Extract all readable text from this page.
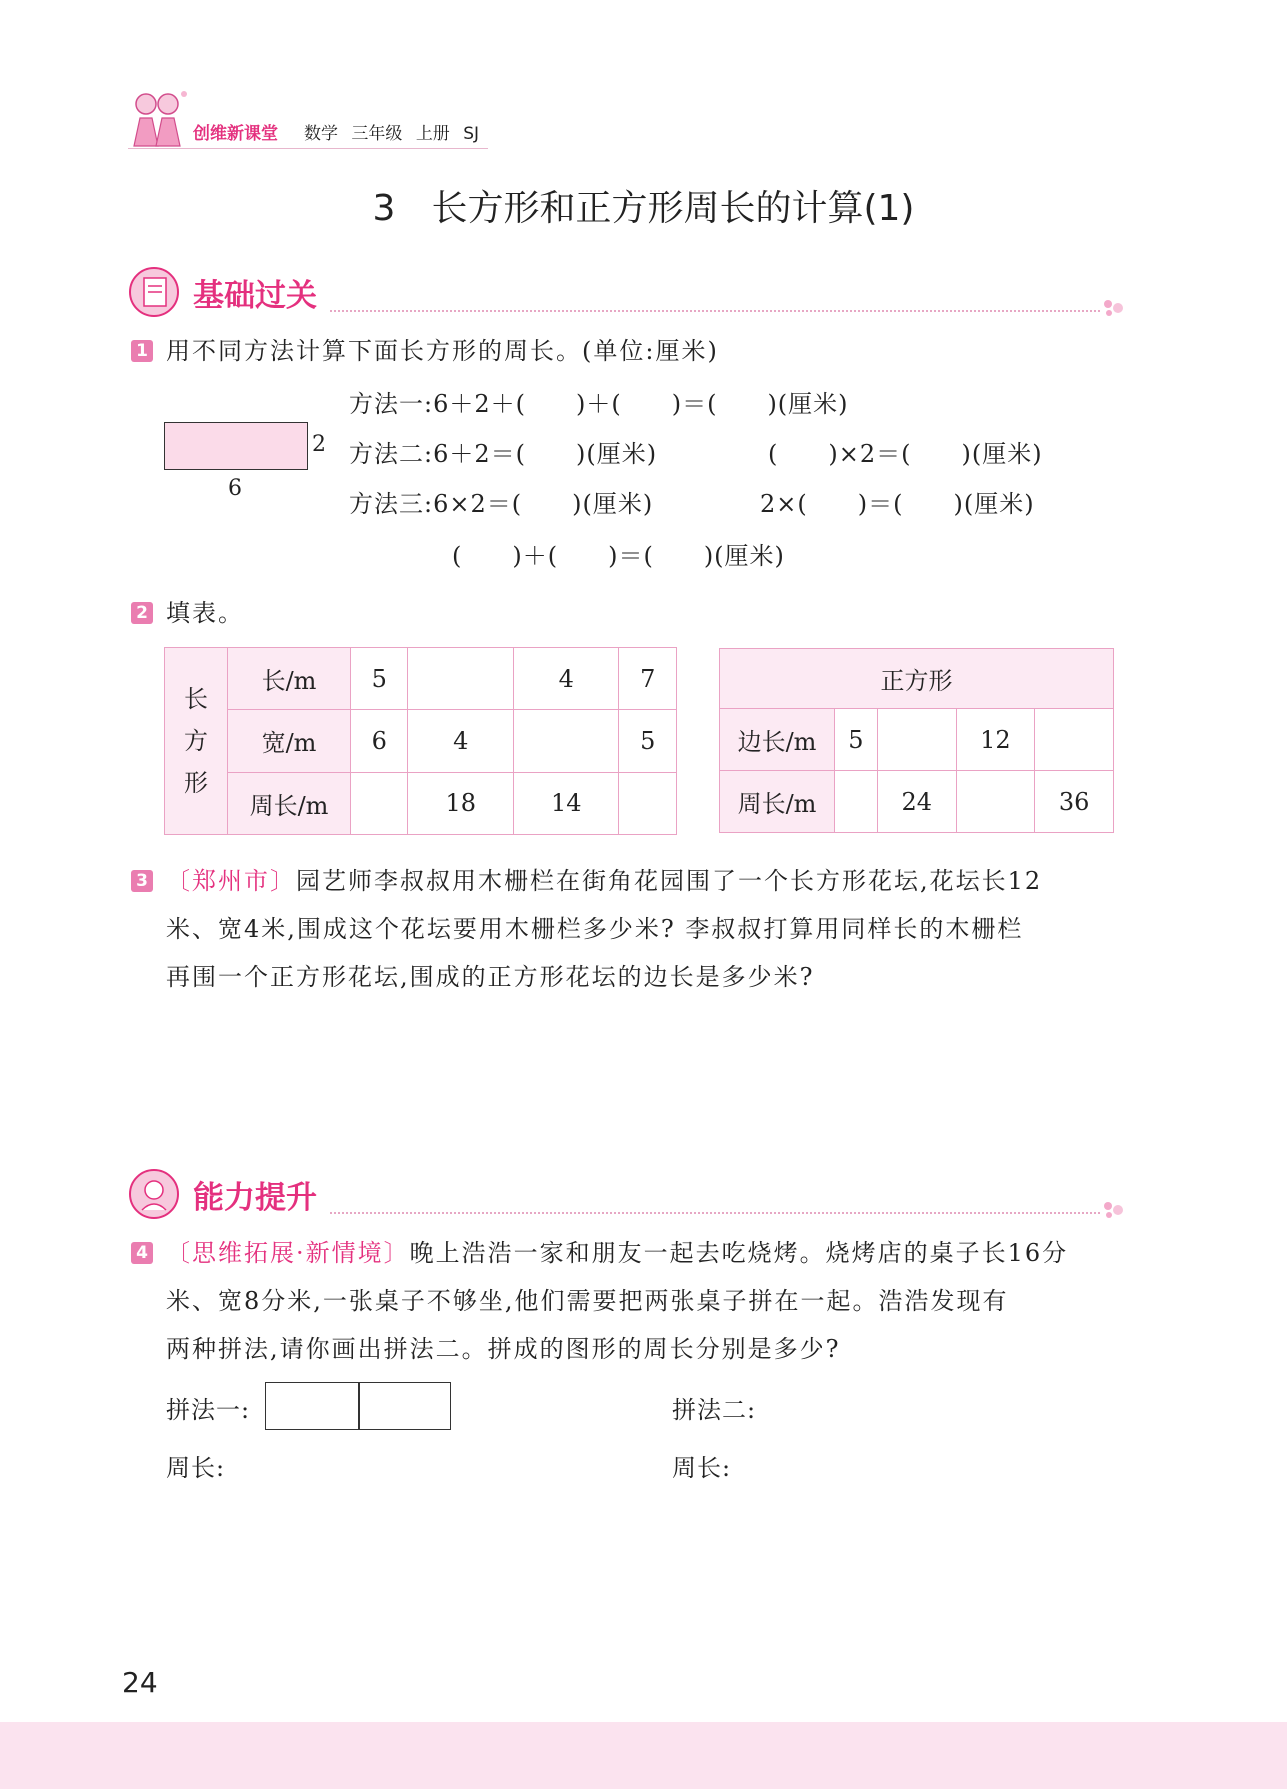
创维新课堂 数学 三年级 上册 SJ
3　长方形和正方形周长的计算(1)
基础过关
1 用不同方法计算下面长方形的周长。(单位:厘米)
2
6
方法一:6＋2＋(　　)＋(　　)＝(　　)(厘米)
方法二:6＋2＝(　　)(厘米)	(　　)×2＝(　　)(厘米)
方法三:6×2＝(　　)(厘米)	2×(　　)＝(　　)(厘米)
(　　)＋(　　)＝(　　)(厘米)
2 填表。
长
方
形	长/m	5		4	7
	宽/m	6	4		5
	周长/m		18	14	
正方形				
边长/m	5		12	
周长/m		24		36
3 〔郑州市〕园艺师李叔叔用木栅栏在街角花园围了一个长方形花坛,花坛长12
米、宽4米,围成这个花坛要用木栅栏多少米? 李叔叔打算用同样长的木栅栏
再围一个正方形花坛,围成的正方形花坛的边长是多少米?
能力提升
4 〔思维拓展·新情境〕晚上浩浩一家和朋友一起去吃烧烤。烧烤店的桌子长16分
米、宽8分米,一张桌子不够坐,他们需要把两张桌子拼在一起。浩浩发现有
两种拼法,请你画出拼法二。拼成的图形的周长分别是多少?
拼法一:	拼法二:
周长:	周长:
24
